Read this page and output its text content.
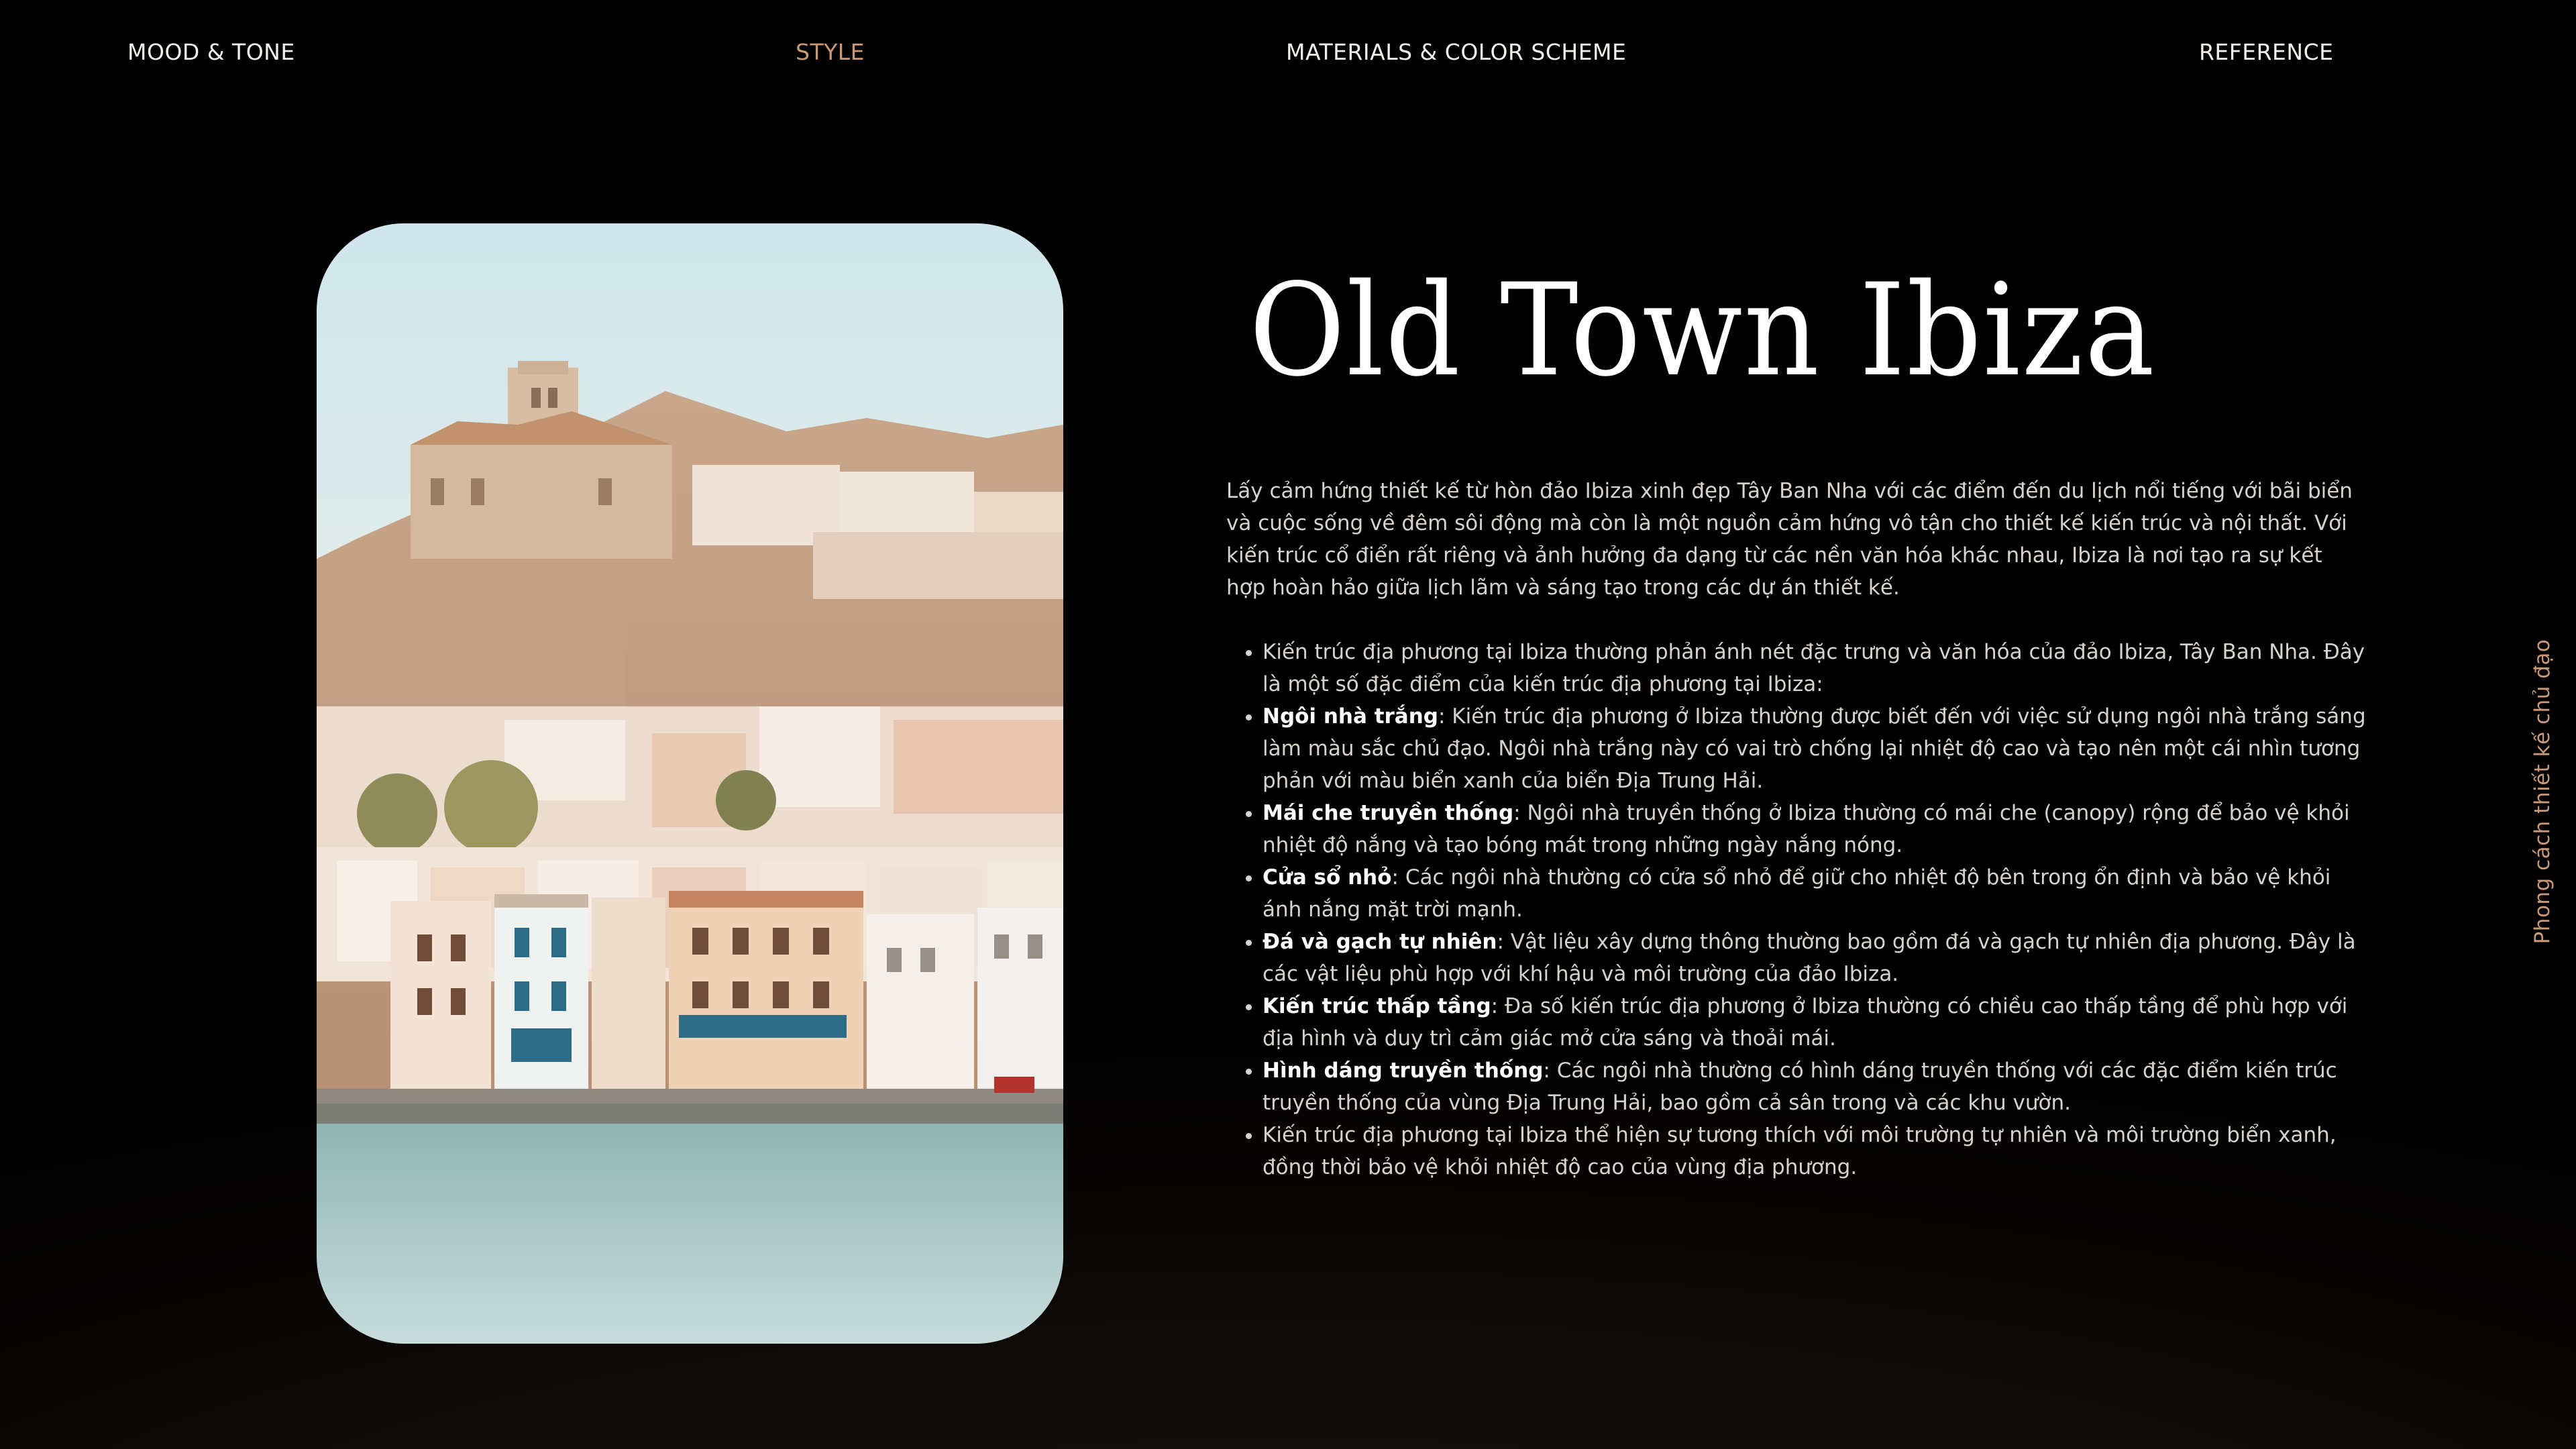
MOOD & TONE	STYLE	MATERIALS & COLOR SCHEME	REFERENCE
Old Town Ibiza
Lấy cảm hứng thiết kế từ hòn đảo Ibiza xinh đẹp Tây Ban Nha với các điểm đến du lịch nổi tiếng với bãi biển và cuộc sống về đêm sôi động mà còn là một nguồn cảm hứng vô tận cho thiết kế kiến trúc và nội thất. Với kiến trúc cổ điển rất riêng và ảnh hưởng đa dạng từ các nền văn hóa khác nhau, Ibiza là nơi tạo ra sự kết hợp hoàn hảo giữa lịch lãm và sáng tạo trong các dự án thiết kế.
• Kiến trúc địa phương tại Ibiza thường phản ánh nét đặc trưng và văn hóa của đảo Ibiza, Tây Ban Nha. Đây là một số đặc điểm của kiến trúc địa phương tại Ibiza:
• Ngôi nhà trắng: Kiến trúc địa phương ở Ibiza thường được biết đến với việc sử dụng ngôi nhà trắng sáng làm màu sắc chủ đạo. Ngôi nhà trắng này có vai trò chống lại nhiệt độ cao và tạo nên một cái nhìn tương phản với màu biển xanh của biển Địa Trung Hải.
• Mái che truyền thống: Ngôi nhà truyền thống ở Ibiza thường có mái che (canopy) rộng để bảo vệ khỏi nhiệt độ nắng và tạo bóng mát trong những ngày nắng nóng.
• Cửa sổ nhỏ: Các ngôi nhà thường có cửa sổ nhỏ để giữ cho nhiệt độ bên trong ổn định và bảo vệ khỏi ánh nắng mặt trời mạnh.
• Đá và gạch tự nhiên: Vật liệu xây dựng thông thường bao gồm đá và gạch tự nhiên địa phương. Đây là các vật liệu phù hợp với khí hậu và môi trường của đảo Ibiza.
• Kiến trúc thấp tầng: Đa số kiến trúc địa phương ở Ibiza thường có chiều cao thấp tầng để phù hợp với địa hình và duy trì cảm giác mở cửa sáng và thoải mái.
• Hình dáng truyền thống: Các ngôi nhà thường có hình dáng truyền thống với các đặc điểm kiến trúc truyền thống của vùng Địa Trung Hải, bao gồm cả sân trong và các khu vườn.
• Kiến trúc địa phương tại Ibiza thể hiện sự tương thích với môi trường tự nhiên và môi trường biển xanh, đồng thời bảo vệ khỏi nhiệt độ cao của vùng địa phương.
Phong cách thiết kế chủ đạo
